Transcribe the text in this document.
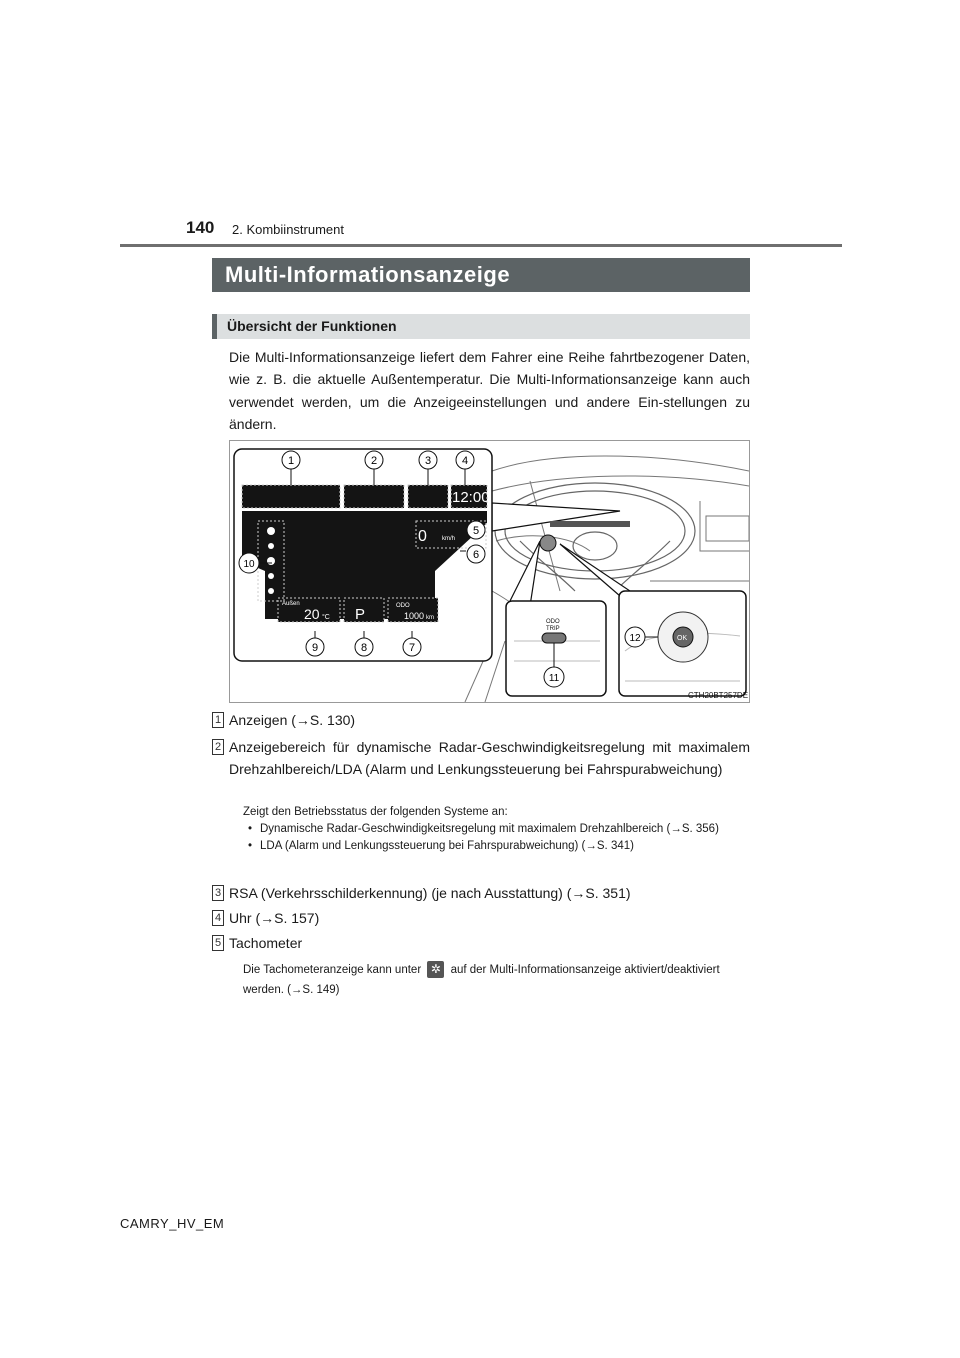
140 2. Kombiinstrument
Multi-Informationsanzeige
Übersicht der Funktionen
Die Multi-Informationsanzeige liefert dem Fahrer eine Reihe fahrtbezogener Daten, wie z. B. die aktuelle Außentemperatur. Die Multi-Informationsanzeige kann auch verwendet werden, um die Anzeigeeinstellungen und andere Ein-stellungen zu ändern.
12:00
0	km/h
Außen
20 °C P	ODO
1000 km
ODO
TRIP
OK
1	2	3	4
5
6
7
8
9
10
11
12
CTH20BT257DE
1 Anzeigen (→S. 130)
2 Anzeigebereich für dynamische Radar-Geschwindigkeitsregelung mit maximalem Drehzahlbereich/LDA (Alarm und Lenkungssteuerung bei Fahrspurabweichung)
Zeigt den Betriebsstatus der folgenden Systeme an:
• Dynamische Radar-Geschwindigkeitsregelung mit maximalem Drehzahlbereich (→S. 356)
• LDA (Alarm und Lenkungssteuerung bei Fahrspurabweichung) (→S. 341)
3 RSA (Verkehrsschilderkennung) (je nach Ausstattung) (→S. 351)
4 Uhr (→S. 157)
5 Tachometer
Die Tachometeranzeige kann unter ✲	auf der Multi-Informationsanzeige aktiviert/deaktiviert werden. (→S. 149)
CAMRY_HV_EM
